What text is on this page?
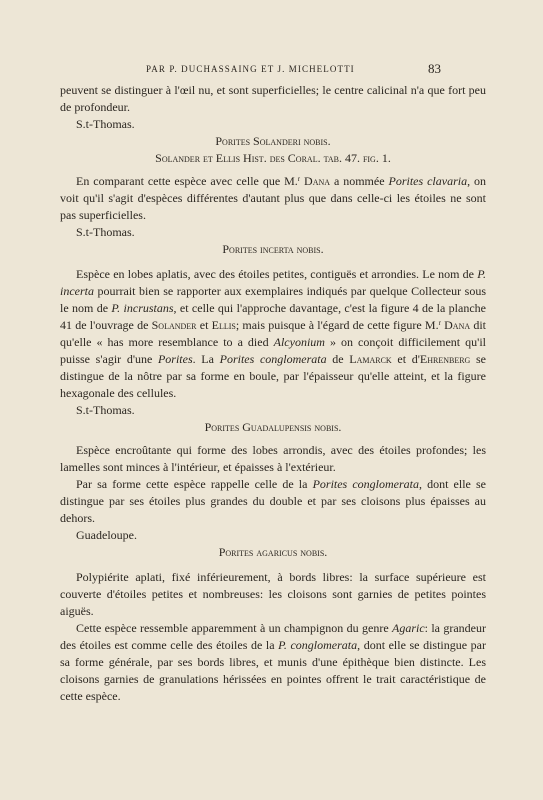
PAR P. DUCHASSAING ET J. MICHELOTTI	83

peuvent se distinguer à l'œil nu, et sont superficielles; le centre calicinal n'a que fort peu de profondeur.

S.t-Thomas.

Porites Solanderi nobis.

Solander et Ellis Hist. des Coral. tab. 47. fig. 1.

En comparant cette espèce avec celle que M.$^r$ Dana a nommée Porites clavaria, on voit qu'il s'agit d'espèces différentes d'autant plus que dans celle-ci les étoiles ne sont pas superficielles.

S.t-Thomas.

Porites incerta nobis.

Espèce en lobes aplatis, avec des étoiles petites, contiguës et arrondies. Le nom de P. incerta pourrait bien se rapporter aux exemplaires indiqués par quelque Collecteur sous le nom de P. incrustans, et celle qui l'approche davantage, c'est la figure 4 de la planche 41 de l'ouvrage de Solander et Ellis; mais puisque à l'égard de cette figure M.$^r$ Dana dit qu'elle « has more resemblance to a died Alcyonium » on conçoit difficilement qu'il puisse s'agir d'une Porites. La Porites conglomerata de Lamarck et d'Ehrenberg se distingue de la nôtre par sa forme en boule, par l'épaisseur qu'elle atteint, et la figure hexagonale des cellules.

S.t-Thomas.

Porites Guadalupensis nobis.

Espèce encroûtante qui forme des lobes arrondis, avec des étoiles profondes; les lamelles sont minces à l'intérieur, et épaisses à l'extérieur.

Par sa forme cette espèce rappelle celle de la Porites conglomerata, dont elle se distingue par ses étoiles plus grandes du double et par ses cloisons plus épaisses au dehors.

Guadeloupe.

Porites agaricus nobis.

Polypiérite aplati, fixé inférieurement, à bords libres: la surface supérieure est couverte d'étoiles petites et nombreuses: les cloisons sont garnies de petites pointes aiguës.

Cette espèce ressemble apparemment à un champignon du genre Agaric: la grandeur des étoiles est comme celle des étoiles de la P. conglomerata, dont elle se distingue par sa forme générale, par ses bords libres, et munis d'une épithèque bien distincte. Les cloisons garnies de granulations hérissées en pointes offrent le trait caractéristique de cette espèce.
